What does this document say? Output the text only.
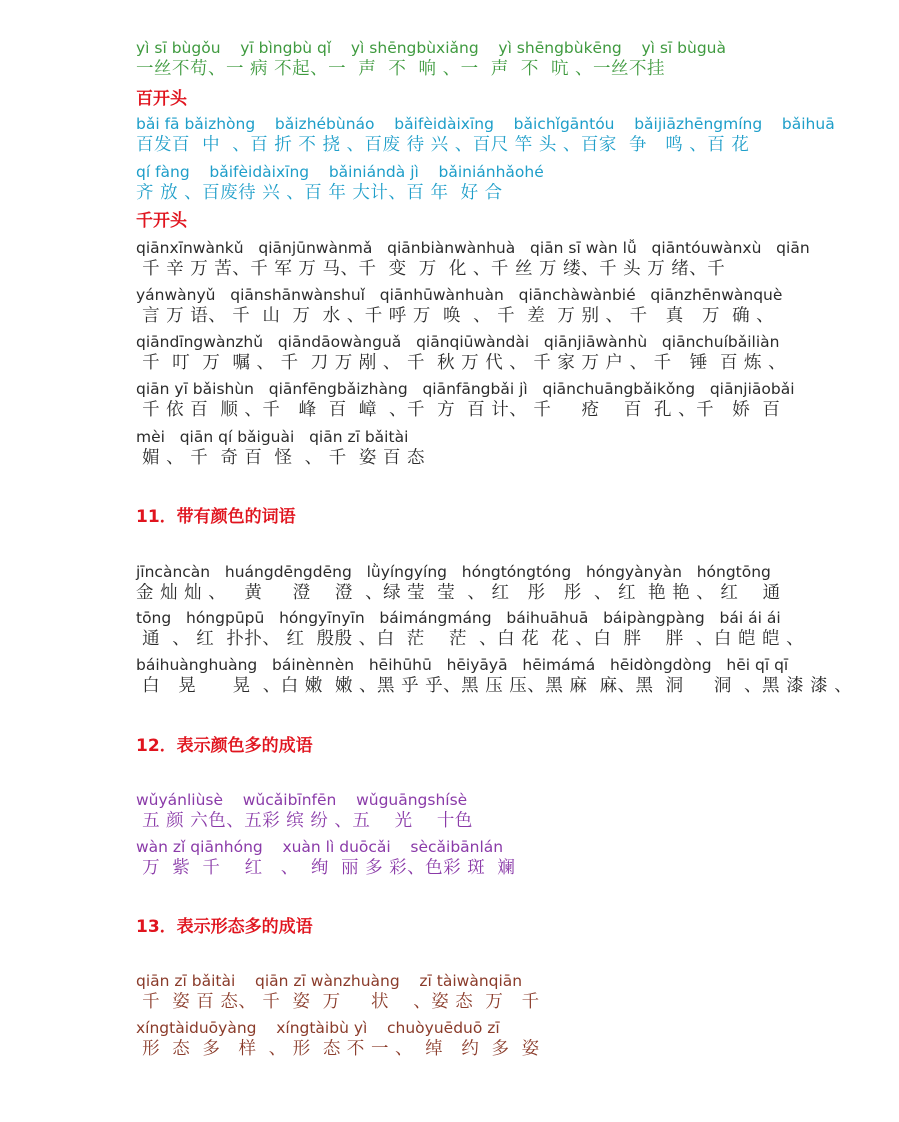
yì sī bùgǒu    yī bìngbù qǐ    yì shēngbùxiǎng    yì shēngbùkēng    yì sī bùguà

一丝不苟、一 病 不起、一  声  不  响 、一  声  不  吭 、一丝不挂

百开头

bǎi fā bǎizhòng    bǎizhébùnáo    bǎifèidàixīng    bǎichǐgāntóu    bǎijiāzhēngmíng    bǎihuā

百发百  中  、百 折 不 挠 、百废 待 兴 、百尺 竿 头 、百家  争   鸣 、百 花

qí fàng    bǎifèidàixīng    bǎiniándà jì    bǎiniánhǎohé

齐 放 、百废待 兴 、百 年 大计、百 年  好 合

千开头

qiānxīnwànkǔ   qiānjūnwànmǎ   qiānbiànwànhuà   qiān sī wàn lǚ   qiāntóuwànxù   qiān

千 辛 万 苦、千 军 万 马、千  变  万  化 、千 丝 万 缕、千 头 万 绪、千

yánwànyǔ   qiānshānwànshuǐ   qiānhūwànhuàn   qiānchàwànbié   qiānzhēnwànquè

言 万 语、 千  山  万  水 、千 呼 万  唤  、 千  差  万 别 、 千   真   万  确 、

qiāndīngwànzhǔ   qiāndāowànguǎ   qiānqiūwàndài   qiānjiāwànhù   qiānchuíbǎiliàn

千  叮  万  嘱 、 千  刀 万 剐 、 千  秋 万 代 、 千 家 万 户 、 千   锤  百 炼 、

qiān yī bǎishùn   qiānfēngbǎizhàng   qiānfāngbǎi jì   qiānchuāngbǎikǒng   qiānjiāobǎi

千 依 百  顺 、千   峰  百  嶂  、千  方  百 计、 千     疮    百  孔 、千   娇  百

mèi   qiān qí bǎiguài   qiān zī bǎitài

媚 、 千  奇 百  怪  、 千  姿 百 态

11．带有颜色的词语

jīncàncàn   huángdēngdēng   lǜyíngyíng   hóngtóngtóng   hóngyànyàn   hóngtōng

金 灿 灿 、   黄     澄    澄  、绿 莹  莹  、 红   彤   彤  、 红  艳 艳 、 红    通

tōng   hóngpūpū   hóngyīnyīn   báimángmáng   báihuāhuā   báipàngpàng   bái ái ái

通  、 红  扑扑、 红  殷殷 、白  茫    茫  、白 花  花 、白  胖    胖  、白 皑 皑 、

báihuànghuàng   báinènnèn   hēihūhū   hēiyāyā   hēimámá   hēidòngdòng   hēi qī qī

白   晃      晃  、白 嫩  嫩 、黑 乎 乎、黑 压 压、黑 麻  麻、黑  洞     洞  、黑 漆 漆 、

12．表示颜色多的成语

wǔyánliùsè    wǔcǎibīnfēn    wǔguāngshísè

五 颜 六色、五彩 缤 纷 、五    光    十色

wàn zǐ qiānhóng    xuàn lì duōcǎi    sècǎibānlán

万  紫  千    红   、  绚  丽 多 彩、色彩 斑  斓

13．表示形态多的成语

qiān zī bǎitài    qiān zī wànzhuàng    zī tàiwànqiān

千  姿 百 态、 千  姿  万     状    、姿 态  万   千

xíngtàiduōyàng    xíngtàibù yì    chuòyuēduō zī

形  态  多   样  、 形  态 不 一 、  绰   约  多  姿
